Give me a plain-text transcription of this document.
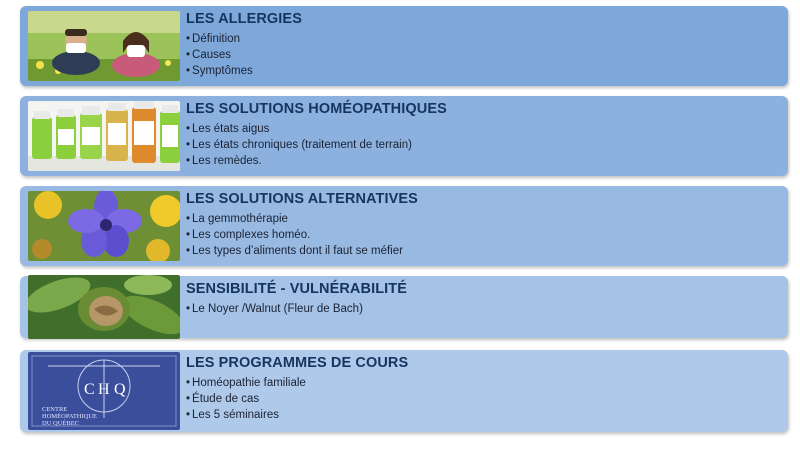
LES ALLERGIES
• Définition
• Causes
• Symptômes
LES SOLUTIONS HOMÉOPATHIQUES
• Les états aigus
• Les états chroniques (traitement de terrain)
• Les remèdes.
LES SOLUTIONS ALTERNATIVES
• La gemmothérapie
• Les complexes homéo.
• Les types d’aliments dont il faut se méfier
SENSIBILITÉ - VULNÉRABILITÉ
• Le Noyer /Walnut (Fleur de Bach)
C H Q
CENTRE
HOMÉOPATHIQUE
DU QUÉBEC
LES PROGRAMMES DE COURS
• Homéopathie familiale
• Étude de cas
• Les 5 séminaires
